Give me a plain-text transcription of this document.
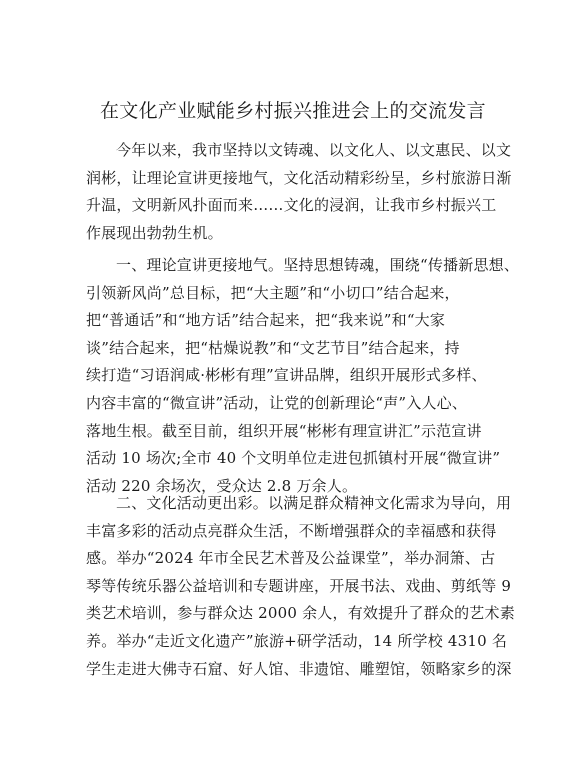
在文化产业赋能乡村振兴推进会上的交流发言

今年以来，我市坚持以文铸魂、以文化人、以文惠民、以文
润彬，让理论宣讲更接地气，文化活动精彩纷呈，乡村旅游日渐
升温，文明新风扑面而来……文化的浸润，让我市乡村振兴工
作展现出勃勃生机。

一、理论宣讲更接地气。坚持思想铸魂，围绕“传播新思想、
引领新风尚”总目标，把“大主题”和“小切口”结合起来，
把“普通话”和“地方话”结合起来，把“我来说”和“大家
谈”结合起来，把“枯燥说教”和“文艺节目”结合起来，持
续打造“习语润咸·彬彬有理”宣讲品牌，组织开展形式多样、
内容丰富的“微宣讲”活动，让党的创新理论“声”入人心、
落地生根。截至目前，组织开展“彬彬有理宣讲汇”示范宣讲
活动 10 场次;全市 40 个文明单位走进包抓镇村开展“微宣讲”
活动 220 余场次，受众达 2.8 万余人。

二、文化活动更出彩。以满足群众精神文化需求为导向，用
丰富多彩的活动点亮群众生活，不断增强群众的幸福感和获得
感。举办“2024 年市全民艺术普及公益课堂”，举办洞箫、古
琴等传统乐器公益培训和专题讲座，开展书法、戏曲、剪纸等 9
类艺术培训，参与群众达 2000 余人，有效提升了群众的艺术素
养。举办“走近文化遗产”旅游+研学活动，14 所学校 4310 名
学生走进大佛寺石窟、好人馆、非遗馆、雕塑馆，领略家乡的深
